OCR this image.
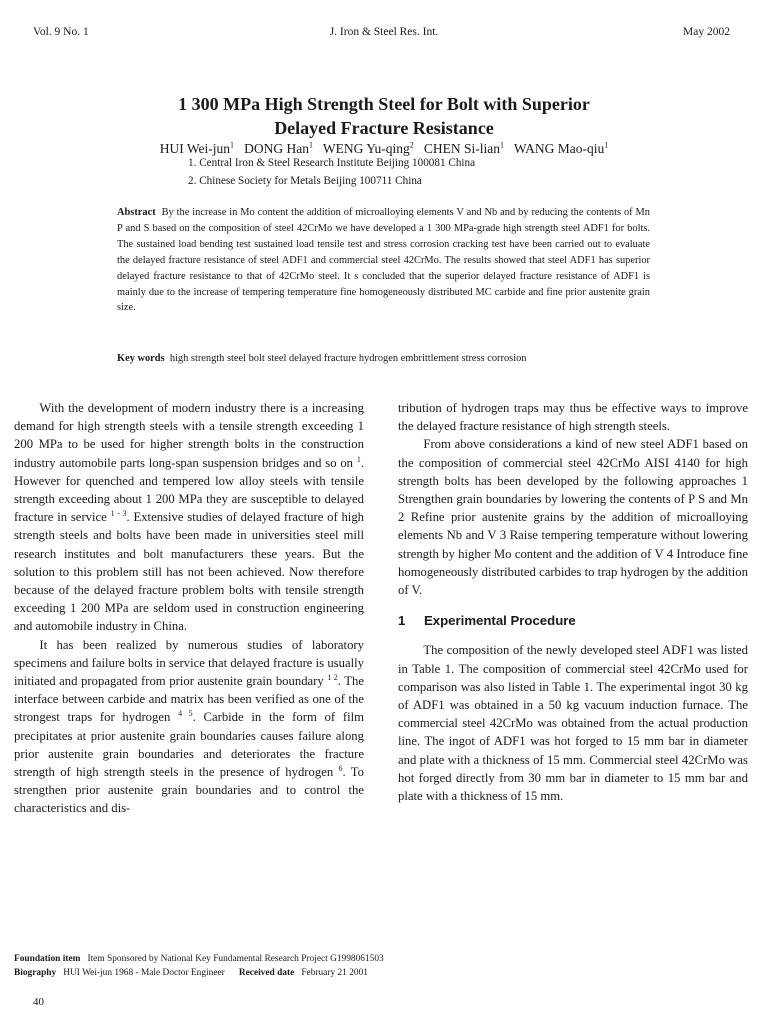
Vol. 9 No. 1	J. Iron & Steel Res. Int.	May 2002
1 300 MPa High Strength Steel for Bolt with Superior
Delayed Fracture Resistance
HUI Wei-jun$^1$ DONG Han$^1$ WENG Yu-qing$^2$ CHEN Si-lian$^1$ WANG Mao-qiu$^1$
1. Central Iron & Steel Research Institute Beijing 100081 China
2. Chinese Society for Metals Beijing 100711 China
Abstract By the increase in Mo content the addition of microalloying elements V and Nb and by reducing the contents of Mn P and S based on the composition of steel 42CrMo we have developed a 1 300 MPa-grade high strength steel ADF1 for bolts. The sustained load bending test sustained load tensile test and stress corrosion cracking test have been carried out to evaluate the delayed fracture resistance of steel ADF1 and commercial steel 42CrMo. The results showed that steel ADF1 has superior delayed fracture resistance to that of 42CrMo steel. It s concluded that the superior delayed fracture resistance of ADF1 is mainly due to the increase of tempering temperature fine homogeneously distributed MC carbide and fine prior austenite grain size.
Key words high strength steel bolt steel delayed fracture hydrogen embrittlement stress corrosion

With the development of modern industry there is a increasing demand for high strength steels with a tensile strength exceeding 1 200 MPa to be used for higher strength bolts in the construction industry automobile parts long-span suspension bridges and so on $^1$. However for quenched and tempered low alloy steels with tensile strength exceeding about 1 200 MPa they are susceptible to delayed fracture in service $^{1 - 3}$. Extensive studies of delayed fracture of high strength steels and bolts have been made in universities steel mill research institutes and bolt manufacturers these years. But the solution to this problem still has not been achieved. Now therefore because of the delayed fracture problem bolts with tensile strength exceeding 1 200 MPa are seldom used in construction engineering and automobile industry in China.

It has been realized by numerous studies of laboratory specimens and failure bolts in service that delayed fracture is usually initiated and propagated from prior austenite grain boundary $^{1 2}$. The interface between carbide and matrix has been verified as one of the strongest traps for hydrogen $^{4 5}$. Carbide in the form of film precipitates at prior austenite grain boundaries causes failure along prior austenite grain boundaries and deteriorates the fracture strength of high strength steels in the presence of hydrogen $^6$. To strengthen prior austenite grain boundaries and to control the characteristics and dis-

tribution of hydrogen traps may thus be effective ways to improve the delayed fracture resistance of high strength steels.

From above considerations a kind of new steel ADF1 based on the composition of commercial steel 42CrMo AISI 4140 for high strength bolts has been developed by the following approaches 1 Strengthen grain boundaries by lowering the contents of P S and Mn 2 Refine prior austenite grains by the addition of microalloying elements Nb and V 3 Raise tempering temperature without lowering strength by higher Mo content and the addition of V 4 Introduce fine homogeneously distributed carbides to trap hydrogen by the addition of V.

1 Experimental Procedure

The composition of the newly developed steel ADF1 was listed in Table 1. The composition of commercial steel 42CrMo used for comparison was also listed in Table 1. The experimental ingot 30 kg of ADF1 was obtained in a 50 kg vacuum induction furnace. The commercial steel 42CrMo was obtained from the actual production line. The ingot of ADF1 was hot forged to 15 mm bar in diameter and plate with a thickness of 15 mm. Commercial steel 42CrMo was hot forged directly from 30 mm bar in diameter to 15 mm bar and plate with a thickness of 15 mm.

Foundation item Item Sponsored by National Key Fundamental Research Project G1998061503
Biography HUI Wei-jun 1968 - Male Doctor Engineer Received date February 21 2001
40
